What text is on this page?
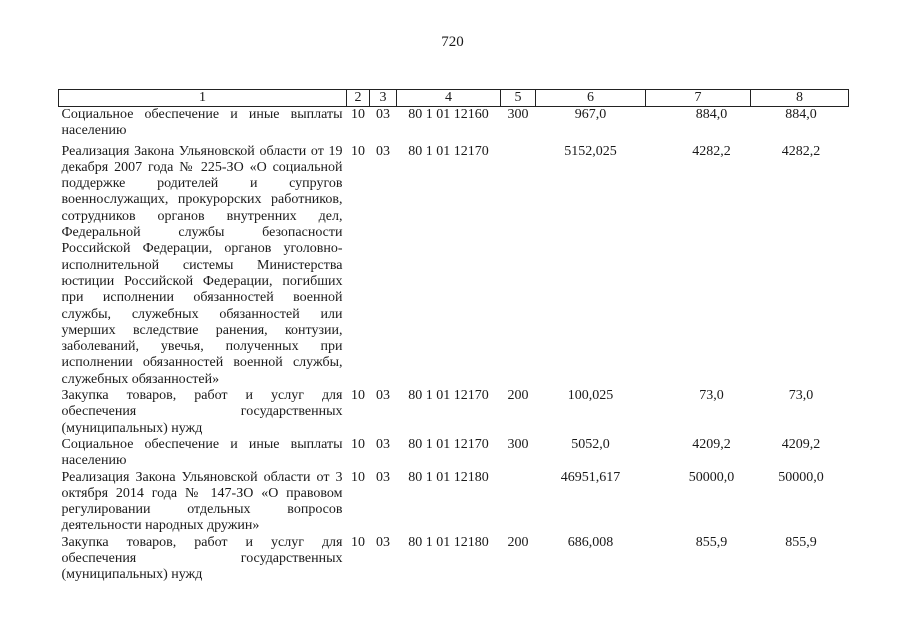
720
1	2	3	4	5	6	7	8
Социальное обеспечение и иные выплаты населению	10	03	80 1 01 12160	300	967,0	884,0	884,0
Реализация Закона Ульяновской области от 19 декабря 2007 года № 225-ЗО «О социальной поддержке родителей и супругов военнослужащих, прокурорских работников, сотрудников органов внутренних дел, Федеральной службы безопасности Российской Федерации, органов уголовно-исполнительной системы Министерства юстиции Российской Федерации, погибших при исполнении обязанностей военной службы, служебных обязанностей или умерших вследствие ранения, контузии, заболеваний, увечья, полученных при исполнении обязанностей военной службы, служебных обязанностей»	10	03	80 1 01 12170		5152,025	4282,2	4282,2
Закупка товаров, работ и услуг для обеспечения государственных (муниципальных) нужд	10	03	80 1 01 12170	200	100,025	73,0	73,0
Социальное обеспечение и иные выплаты населению	10	03	80 1 01 12170	300	5052,0	4209,2	4209,2
Реализация Закона Ульяновской области от 3 октября 2014 года № 147-ЗО «О правовом регулировании отдельных вопросов деятельности народных дружин»	10	03	80 1 01 12180		46951,617	50000,0	50000,0
Закупка товаров, работ и услуг для обеспечения государственных (муниципальных) нужд	10	03	80 1 01 12180	200	686,008	855,9	855,9
